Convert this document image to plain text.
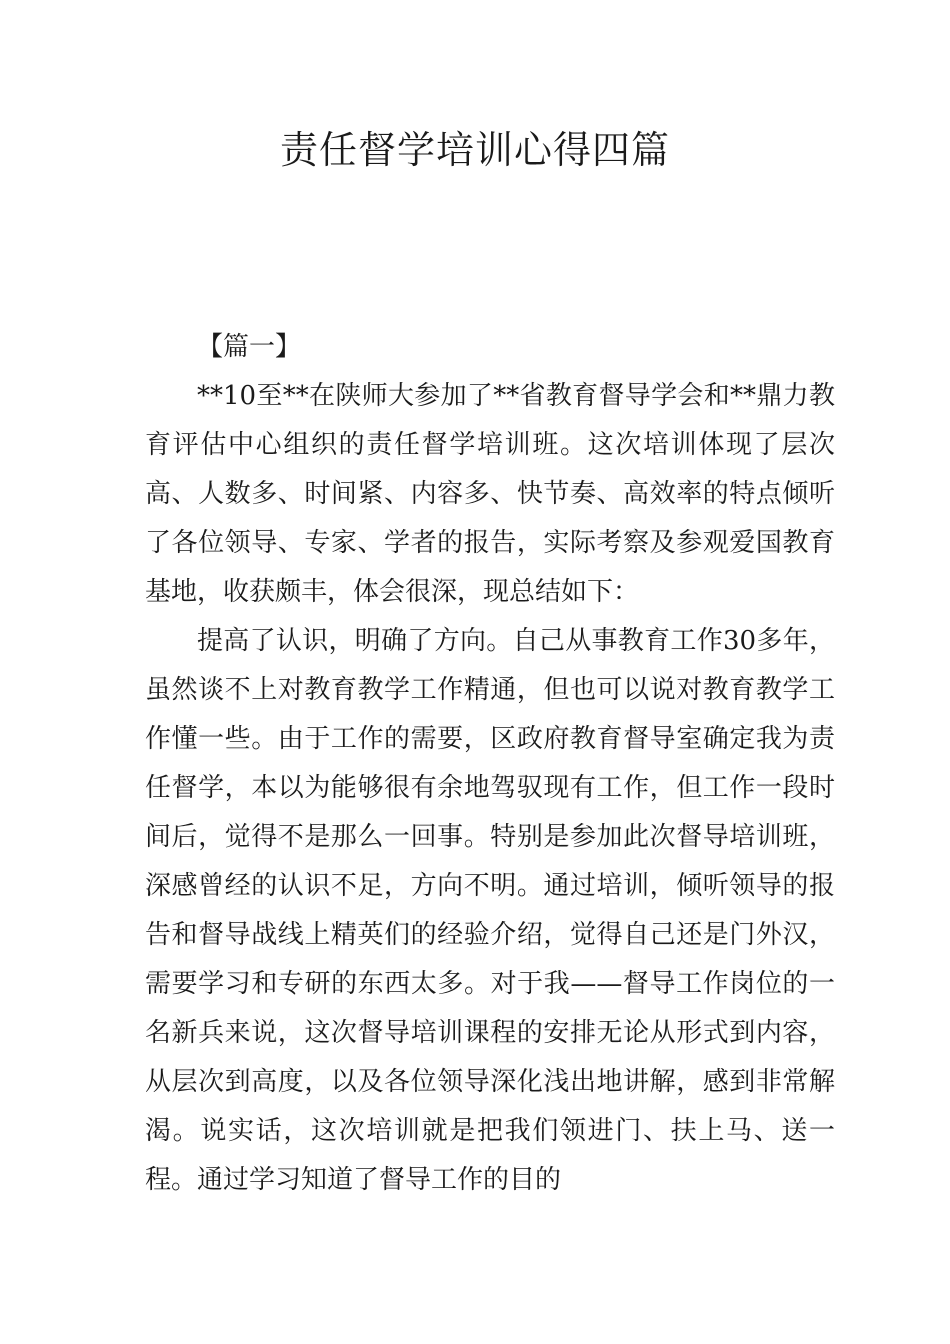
责任督学培训心得四篇
【篇一】

**10至**在陕师大参加了**省教育督导学会和**鼎力教育评估中心组织的责任督学培训班。这次培训体现了层次高、人数多、时间紧、内容多、快节奏、高效率的特点倾听了各位领导、专家、学者的报告，实际考察及参观爱国教育基地，收获颇丰，体会很深，现总结如下：

提高了认识，明确了方向。自己从事教育工作30多年，虽然谈不上对教育教学工作精通，但也可以说对教育教学工作懂一些。由于工作的需要，区政府教育督导室确定我为责任督学，本以为能够很有余地驾驭现有工作，但工作一段时间后，觉得不是那么一回事。特别是参加此次督导培训班，深感曾经的认识不足，方向不明。通过培训，倾听领导的报告和督导战线上精英们的经验介绍，觉得自己还是门外汉，需要学习和专研的东西太多。对于我——督导工作岗位的一名新兵来说，这次督导培训课程的安排无论从形式到内容，从层次到高度，以及各位领导深化浅出地讲解，感到非常解渴。说实话，这次培训就是把我们领进门、扶上马、送一程。通过学习知道了督导工作的目的
